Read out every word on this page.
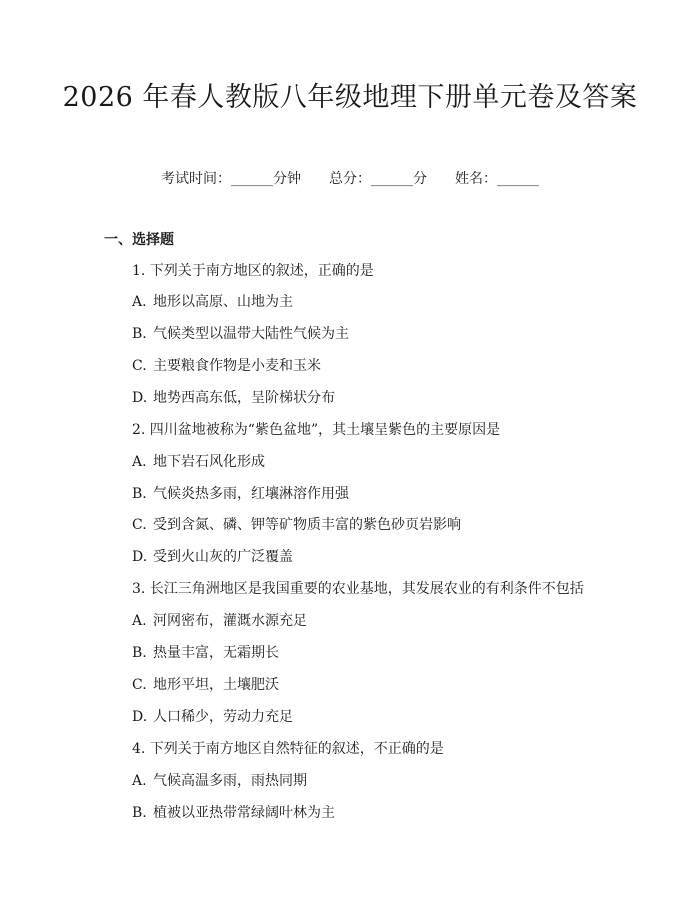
2026 年春人教版八年级地理下册单元卷及答案
考试时间：______分钟 总分：______分 姓名：______
一、选择题
1. 下列关于南方地区的叙述，正确的是
A. 地形以高原、山地为主
B. 气候类型以温带大陆性气候为主
C. 主要粮食作物是小麦和玉米
D. 地势西高东低，呈阶梯状分布
2. 四川盆地被称为“紫色盆地”，其土壤呈紫色的主要原因是
A. 地下岩石风化形成
B. 气候炎热多雨，红壤淋溶作用强
C. 受到含氮、磷、钾等矿物质丰富的紫色砂页岩影响
D. 受到火山灰的广泛覆盖
3. 长江三角洲地区是我国重要的农业基地，其发展农业的有利条件不包括
A. 河网密布，灌溉水源充足
B. 热量丰富，无霜期长
C. 地形平坦，土壤肥沃
D. 人口稀少，劳动力充足
4. 下列关于南方地区自然特征的叙述，不正确的是
A. 气候高温多雨，雨热同期
B. 植被以亚热带常绿阔叶林为主
